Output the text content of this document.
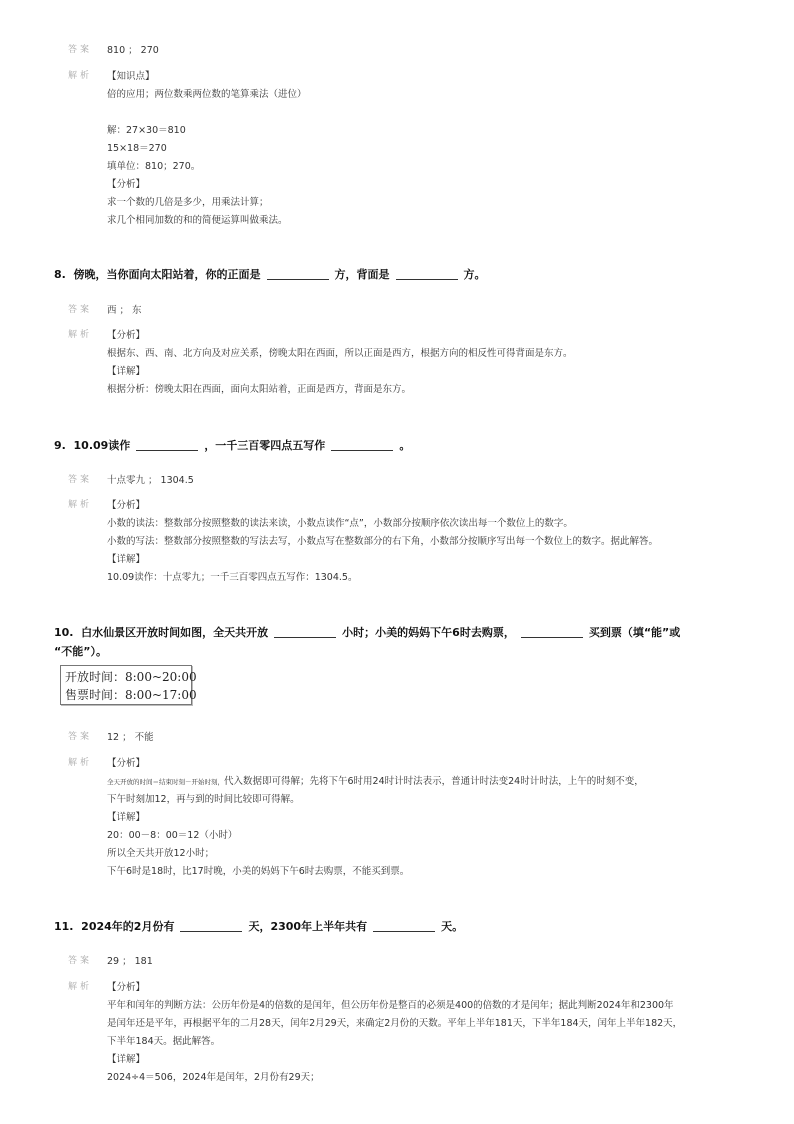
答案 810 ； 270
解析 【知识点】
倍的应用；两位数乘两位数的笔算乘法（进位）
解：27×30＝810
15×18＝270
填单位：810；270。
【分析】
求一个数的几倍是多少，用乘法计算；
求几个相同加数的和的简便运算叫做乘法。
8. 傍晚，当你面向太阳站着，你的正面是	方，背面是	方。
答案 西 ； 东
解析 【分析】
根据东、西、南、北方向及对应关系，傍晚太阳在西面，所以正面是西方，根据方向的相反性可得背面是东方。
【详解】
根据分析：傍晚太阳在西面，面向太阳站着，正面是西方，背面是东方。
9. 10.09读作	，一千三百零四点五写作	。
答案 十点零九 ； 1304.5
解析 【分析】
小数的读法：整数部分按照整数的读法来读，小数点读作“点”，小数部分按顺序依次读出每一个数位上的数字。
小数的写法：整数部分按照整数的写法去写，小数点写在整数部分的右下角，小数部分按顺序写出每一个数位上的数字。据此解答。
【详解】
10.09读作：十点零九；一千三百零四点五写作：1304.5。
10. 白水仙景区开放时间如图，全天共开放	小时；小美的妈妈下午6时去购票，	买到票（填“能”或
“不能”）。
开放时间：8:00~20:00
售票时间：8:00~17:00
答案 12 ； 不能
解析 【分析】
全天开放的时间＝结束时刻－开始时刻，代入数据即可得解；先将下午6时用24时计时法表示，普通计时法变24时计时法，上午的时刻不变，
下午时刻加12，再与到的时间比较即可得解。
【详解】
20：00－8：00＝12（小时）
所以全天共开放12小时；
下午6时是18时，比17时晚，小美的妈妈下午6时去购票，不能买到票。
11. 2024年的2月份有	天，2300年上半年共有	天。
答案 29 ； 181
解析 【分析】
平年和闰年的判断方法：公历年份是4的倍数的是闰年，但公历年份是整百的必须是400的倍数的才是闰年；据此判断2024年和2300年
是闰年还是平年，再根据平年的二月28天，闰年2月29天，来确定2月份的天数。平年上半年181天，下半年184天，闰年上半年182天，
下半年184天。据此解答。
【详解】
2024÷4＝506，2024年是闰年，2月份有29天；
